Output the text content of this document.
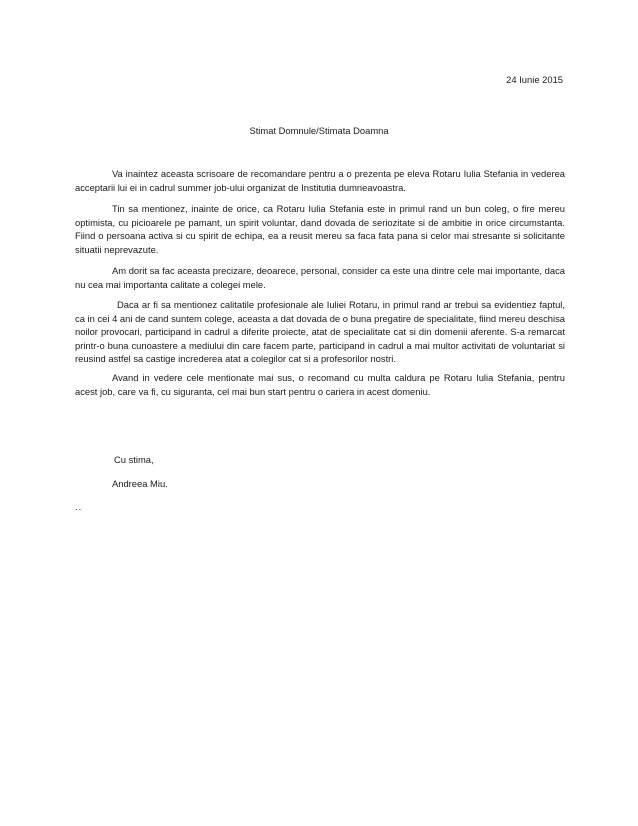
24 Iunie 2015
Stimat Domnule/Stimata Doamna

Va inaintez aceasta scrisoare de recomandare pentru a o prezenta pe eleva Rotaru Iulia Stefania in vederea acceptarii lui ei in cadrul summer job-ului organizat de Institutia dumneavoastra.

Tin sa mentionez, inainte de orice, ca Rotaru Iulia Stefania este in primul rand un bun coleg, o fire mereu optimista, cu picioarele pe pamant, un spirit voluntar, dand dovada de seriozitate si de ambitie in orice circumstanta. Fiind o persoana activa si cu spirit de echipa, ea a reusit mereu sa faca fata pana si celor mai stresante si solicitante situatii neprevazute.

Am dorit sa fac aceasta precizare, deoarece, personal, consider ca este una dintre cele mai importante, daca nu cea mai importanta calitate a colegei mele.

Daca ar fi sa mentionez calitatile profesionale ale Iuliei Rotaru, in primul rand ar trebui sa evidentiez faptul, ca in cei 4 ani de cand suntem colege, aceasta a dat dovada de o buna pregatire de specialitate, fiind mereu deschisa noilor provocari, participand in cadrul a diferite proiecte, atat de specialitate cat si din domenii aferente. S-a remarcat printr-o buna cunoastere a mediului din care facem parte, participand in cadrul a mai multor activitati de voluntariat si reusind astfel sa castige increderea atat a colegilor cat si a profesorilor nostri.

Avand in vedere cele mentionate mai sus, o recomand cu multa caldura pe Rotaru Iulia Stefania, pentru acest job, care va fi, cu siguranta, cel mai bun start pentru o cariera in acest domeniu.

Cu stima,
Andreea Miu.
..
